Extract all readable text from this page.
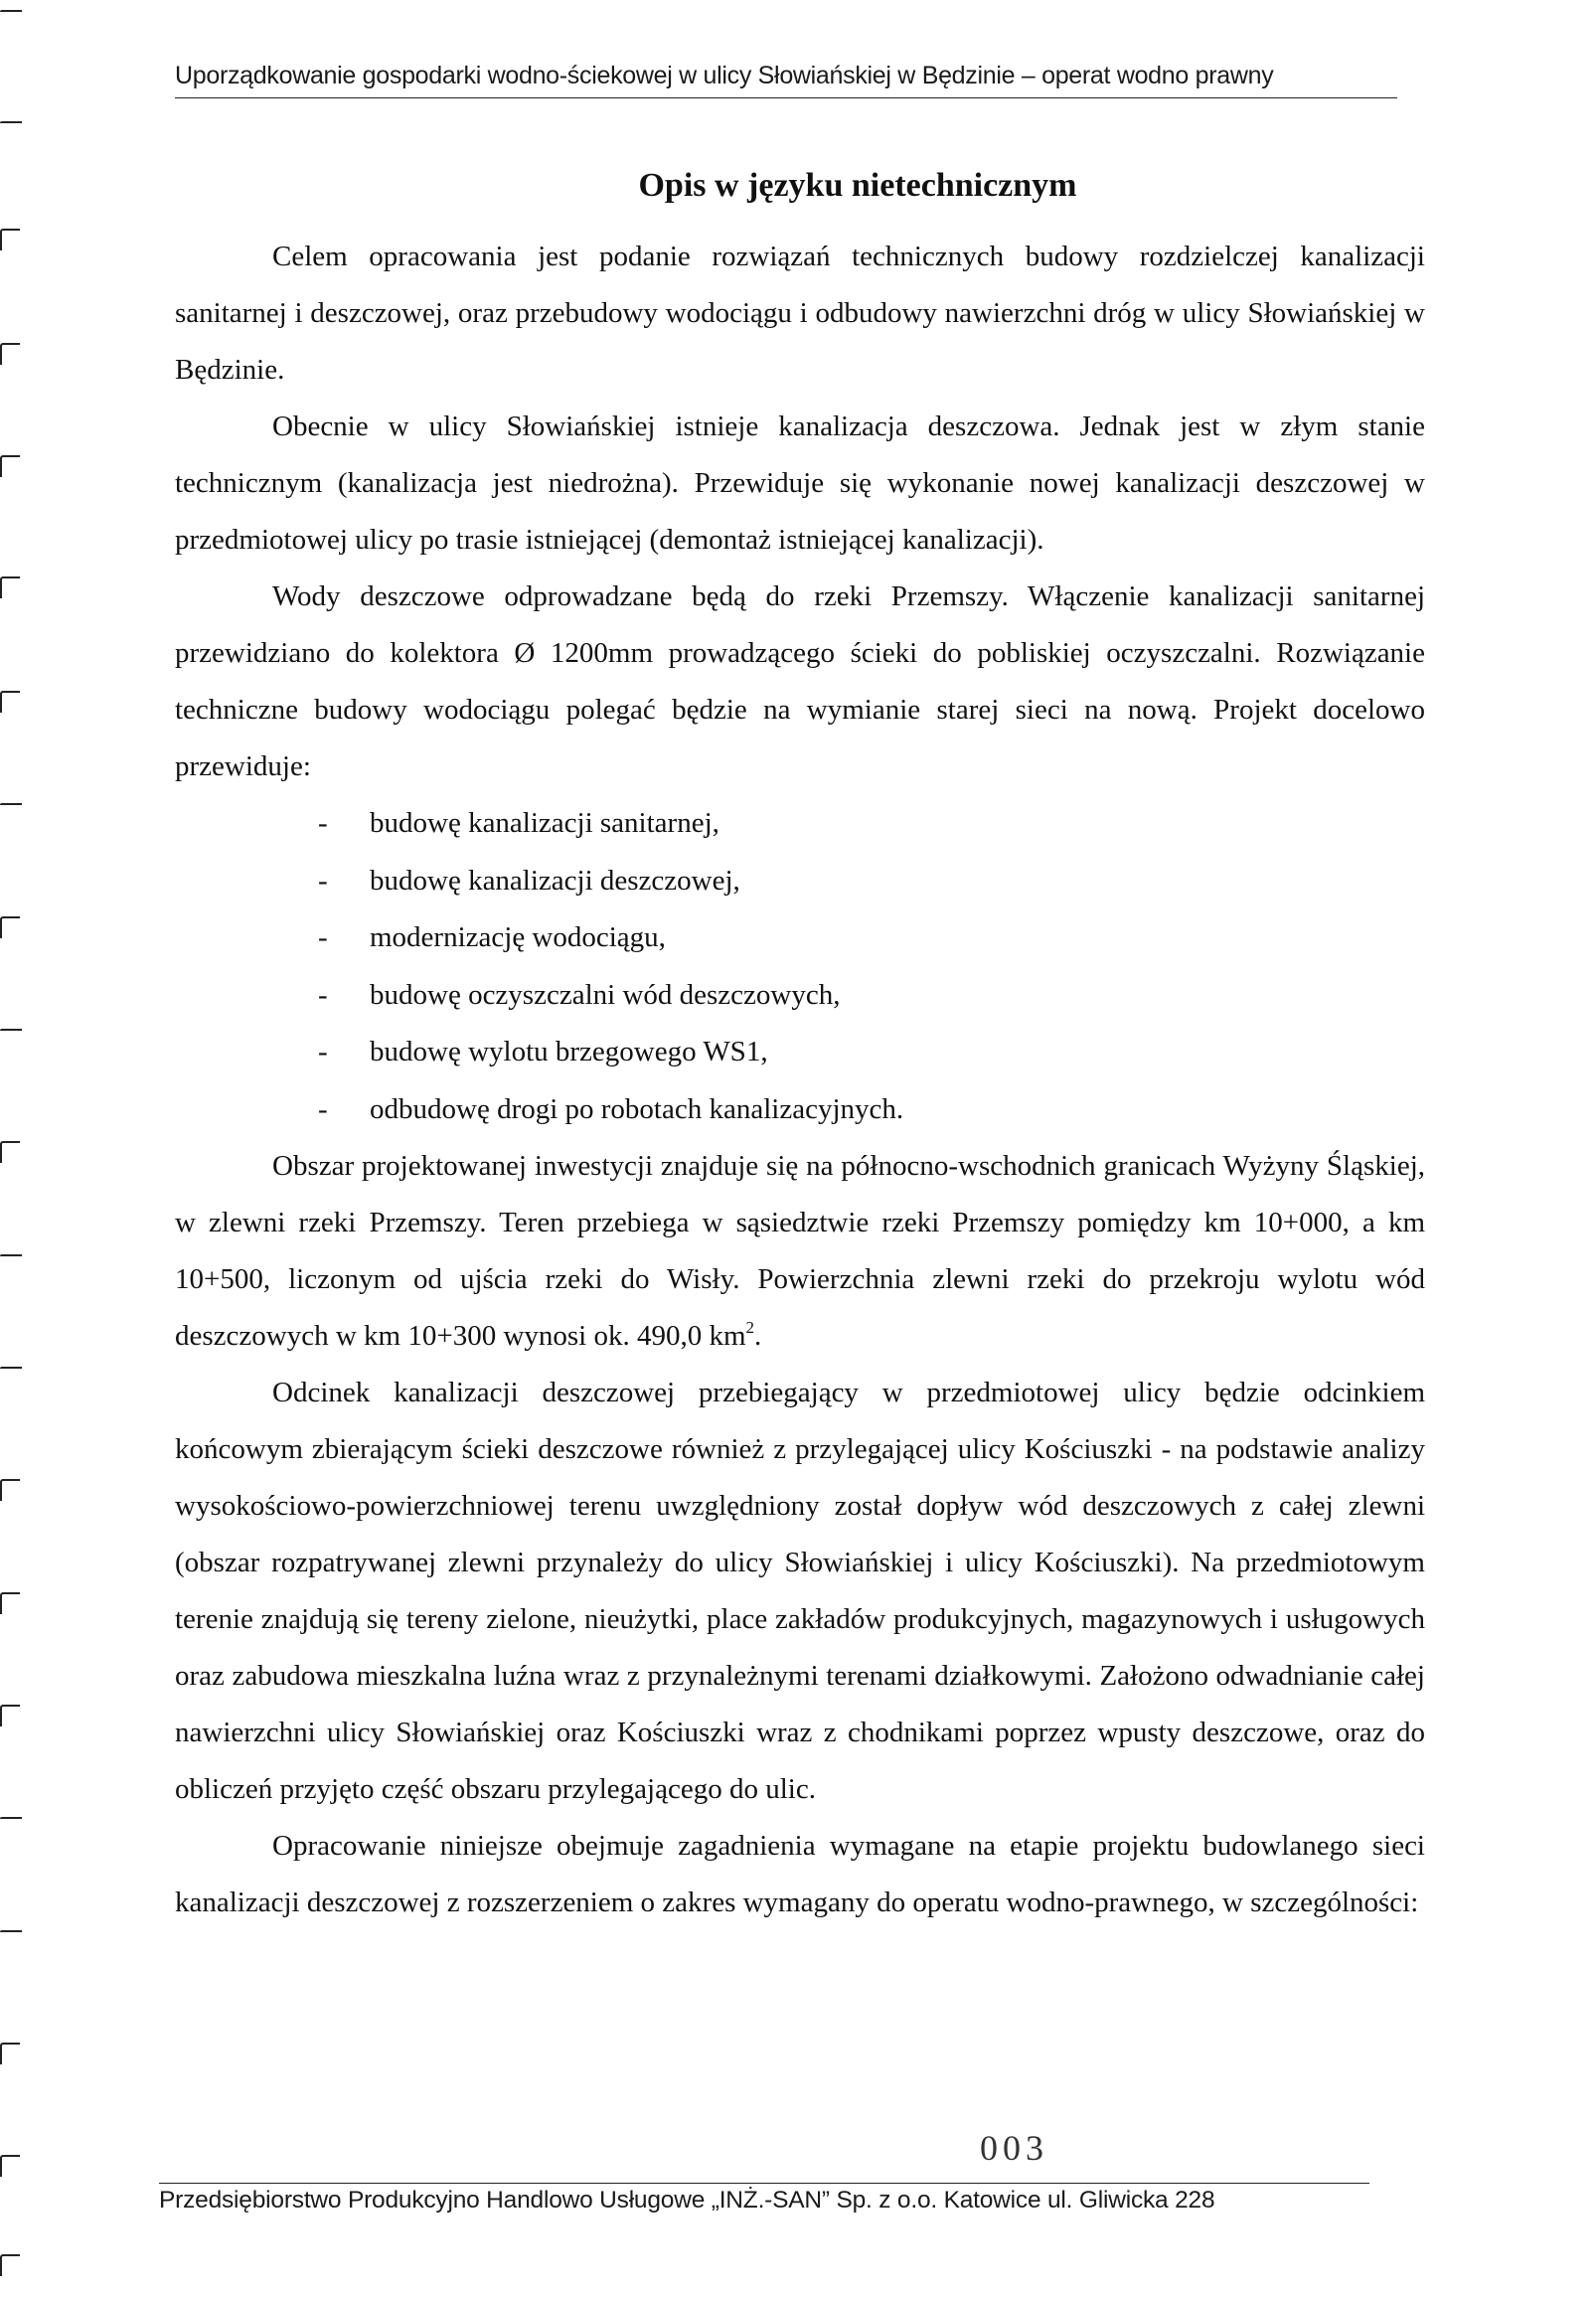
Uporządkowanie gospodarki wodno-ściekowej w ulicy Słowiańskiej w Będzinie – operat wodno prawny
Opis w języku nietechnicznym

Celem opracowania jest podanie rozwiązań technicznych budowy rozdzielczej kanalizacji sanitarnej i deszczowej, oraz przebudowy wodociągu i odbudowy nawierzchni dróg w ulicy Słowiańskiej w Będzinie.

Obecnie w ulicy Słowiańskiej istnieje kanalizacja deszczowa. Jednak jest w złym stanie technicznym (kanalizacja jest niedrożna). Przewiduje się wykonanie nowej kanalizacji deszczowej w przedmiotowej ulicy po trasie istniejącej (demontaż istniejącej kanalizacji).

Wody deszczowe odprowadzane będą do rzeki Przemszy. Włączenie kanalizacji sanitarnej przewidziano do kolektora Ø 1200mm prowadzącego ścieki do pobliskiej oczyszczalni. Rozwiązanie techniczne budowy wodociągu polegać będzie na wymianie starej sieci na nową. Projekt docelowo przewiduje:

- budowę kanalizacji sanitarnej,
- budowę kanalizacji deszczowej,
- modernizację wodociągu,
- budowę oczyszczalni wód deszczowych,
- budowę wylotu brzegowego WS1,
- odbudowę drogi po robotach kanalizacyjnych.

Obszar projektowanej inwestycji znajduje się na północno-wschodnich granicach Wyżyny Śląskiej, w zlewni rzeki Przemszy. Teren przebiega w sąsiedztwie rzeki Przemszy pomiędzy km 10+000, a km 10+500, liczonym od ujścia rzeki do Wisły. Powierzchnia zlewni rzeki do przekroju wylotu wód deszczowych w km 10+300 wynosi ok. 490,0 $km^2$.

Odcinek kanalizacji deszczowej przebiegający w przedmiotowej ulicy będzie odcinkiem końcowym zbierającym ścieki deszczowe również z przylegającej ulicy Kościuszki - na podstawie analizy wysokościowo-powierzchniowej terenu uwzględniony został dopływ wód deszczowych z całej zlewni (obszar rozpatrywanej zlewni przynależy do ulicy Słowiańskiej i ulicy Kościuszki). Na przedmiotowym terenie znajdują się tereny zielone, nieużytki, place zakładów produkcyjnych, magazynowych i usługowych oraz zabudowa mieszkalna luźna wraz z przynależnymi terenami działkowymi. Założono odwadnianie całej nawierzchni ulicy Słowiańskiej oraz Kościuszki wraz z chodnikami poprzez wpusty deszczowe, oraz do obliczeń przyjęto część obszaru przylegającego do ulic.

Opracowanie niniejsze obejmuje zagadnienia wymagane na etapie projektu budowlanego sieci kanalizacji deszczowej z rozszerzeniem o zakres wymagany do operatu wodno-prawnego, w szczególności:

003
Przedsiębiorstwo Produkcyjno Handlowo Usługowe „INŻ.-SAN” Sp. z o.o. Katowice ul. Gliwicka 228
